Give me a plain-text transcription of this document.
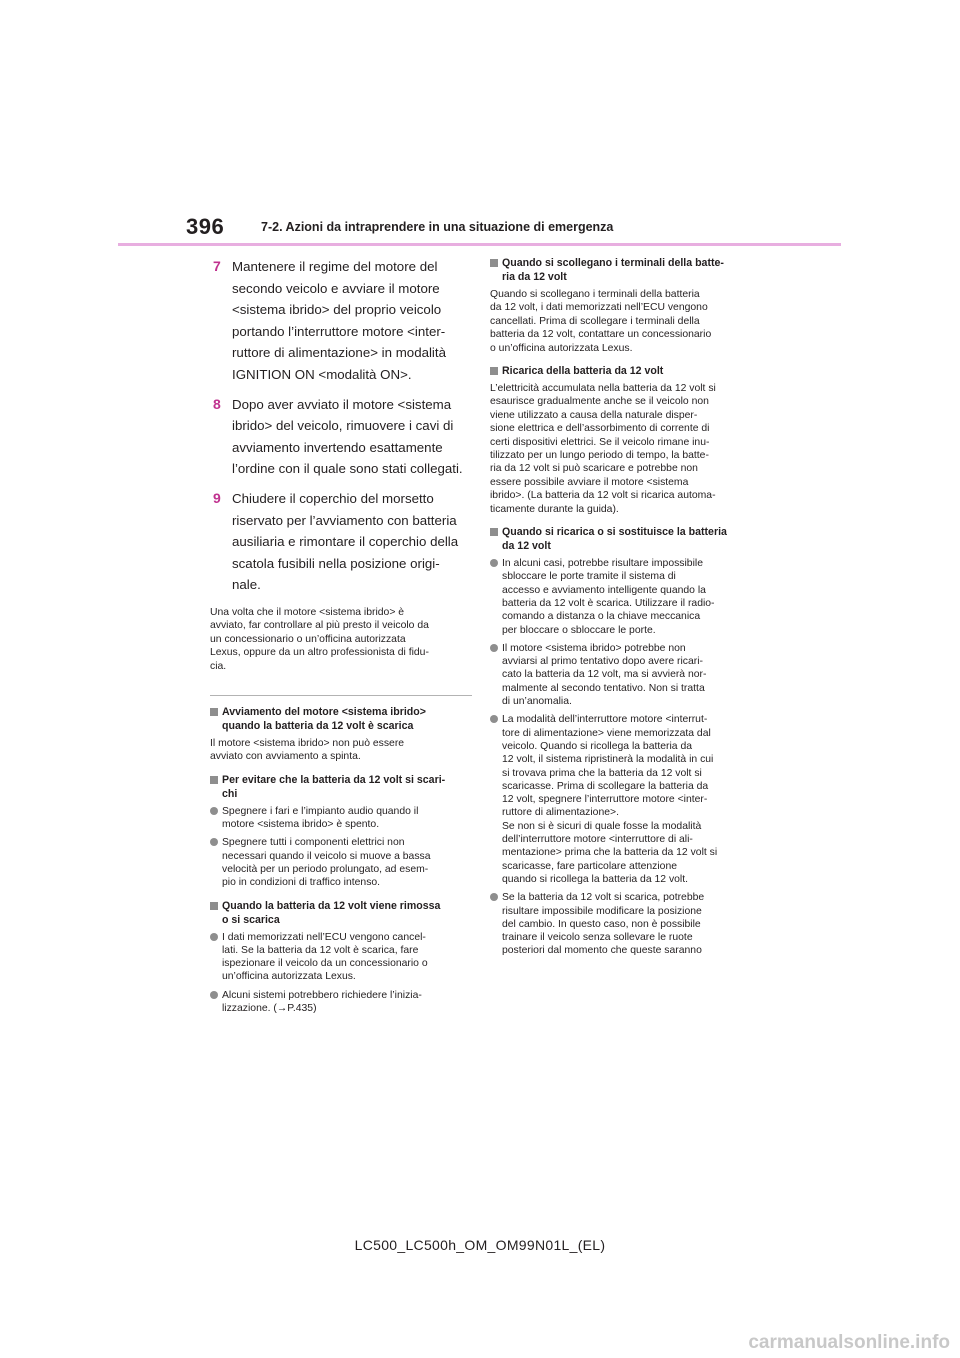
396	7-2. Azioni da intraprendere in una situazione di emergenza
7 Mantenere il regime del motore del
secondo veicolo e avviare il motore
<sistema ibrido> del proprio veicolo
portando l’interruttore motore <inter-
ruttore di alimentazione> in modalità
IGNITION ON <modalità ON>.
8 Dopo aver avviato il motore <sistema
ibrido> del veicolo, rimuovere i cavi di
avviamento invertendo esattamente
l’ordine con il quale sono stati collegati.
9 Chiudere il coperchio del morsetto
riservato per l’avviamento con batteria
ausiliaria e rimontare il coperchio della
scatola fusibili nella posizione origi-
nale.
Una volta che il motore <sistema ibrido> è
avviato, far controllare al più presto il veicolo da
un concessionario o un’officina autorizzata
Lexus, oppure da un altro professionista di fidu-
cia.
Avviamento del motore <sistema ibrido>
quando la batteria da 12 volt è scarica
Il motore <sistema ibrido> non può essere
avviato con avviamento a spinta.
Per evitare che la batteria da 12 volt si scari-
chi
Spegnere i fari e l’impianto audio quando il
motore <sistema ibrido> è spento.
Spegnere tutti i componenti elettrici non
necessari quando il veicolo si muove a bassa
velocità per un periodo prolungato, ad esem-
pio in condizioni di traffico intenso.
Quando la batteria da 12 volt viene rimossa
o si scarica
I dati memorizzati nell’ECU vengono cancel-
lati. Se la batteria da 12 volt è scarica, fare
ispezionare il veicolo da un concessionario o
un’officina autorizzata Lexus.
Alcuni sistemi potrebbero richiedere l’inizia-
lizzazione. (→P.435)
Quando si scollegano i terminali della batte-
ria da 12 volt
Quando si scollegano i terminali della batteria
da 12 volt, i dati memorizzati nell’ECU vengono
cancellati. Prima di scollegare i terminali della
batteria da 12 volt, contattare un concessionario
o un’officina autorizzata Lexus.
Ricarica della batteria da 12 volt
L’elettricità accumulata nella batteria da 12 volt si
esaurisce gradualmente anche se il veicolo non
viene utilizzato a causa della naturale disper-
sione elettrica e dell’assorbimento di corrente di
certi dispositivi elettrici. Se il veicolo rimane inu-
tilizzato per un lungo periodo di tempo, la batte-
ria da 12 volt si può scaricare e potrebbe non
essere possibile avviare il motore <sistema
ibrido>. (La batteria da 12 volt si ricarica automa-
ticamente durante la guida).
Quando si ricarica o si sostituisce la batteria
da 12 volt
In alcuni casi, potrebbe risultare impossibile
sbloccare le porte tramite il sistema di
accesso e avviamento intelligente quando la
batteria da 12 volt è scarica. Utilizzare il radio-
comando a distanza o la chiave meccanica
per bloccare o sbloccare le porte.
Il motore <sistema ibrido> potrebbe non
avviarsi al primo tentativo dopo avere ricari-
cato la batteria da 12 volt, ma si avvierà nor-
malmente al secondo tentativo. Non si tratta
di un’anomalia.
La modalità dell’interruttore motore <interrut-
tore di alimentazione> viene memorizzata dal
veicolo. Quando si ricollega la batteria da
12 volt, il sistema ripristinerà la modalità in cui
si trovava prima che la batteria da 12 volt si
scaricasse. Prima di scollegare la batteria da
12 volt, spegnere l’interruttore motore <inter-
ruttore di alimentazione>.
Se non si è sicuri di quale fosse la modalità
dell’interruttore motore <interruttore di ali-
mentazione> prima che la batteria da 12 volt si
scaricasse, fare particolare attenzione
quando si ricollega la batteria da 12 volt.
Se la batteria da 12 volt si scarica, potrebbe
risultare impossibile modificare la posizione
del cambio. In questo caso, non è possibile
trainare il veicolo senza sollevare le ruote
posteriori dal momento che queste saranno
LC500_LC500h_OM_OM99N01L_(EL)
carmanualsonline.info
